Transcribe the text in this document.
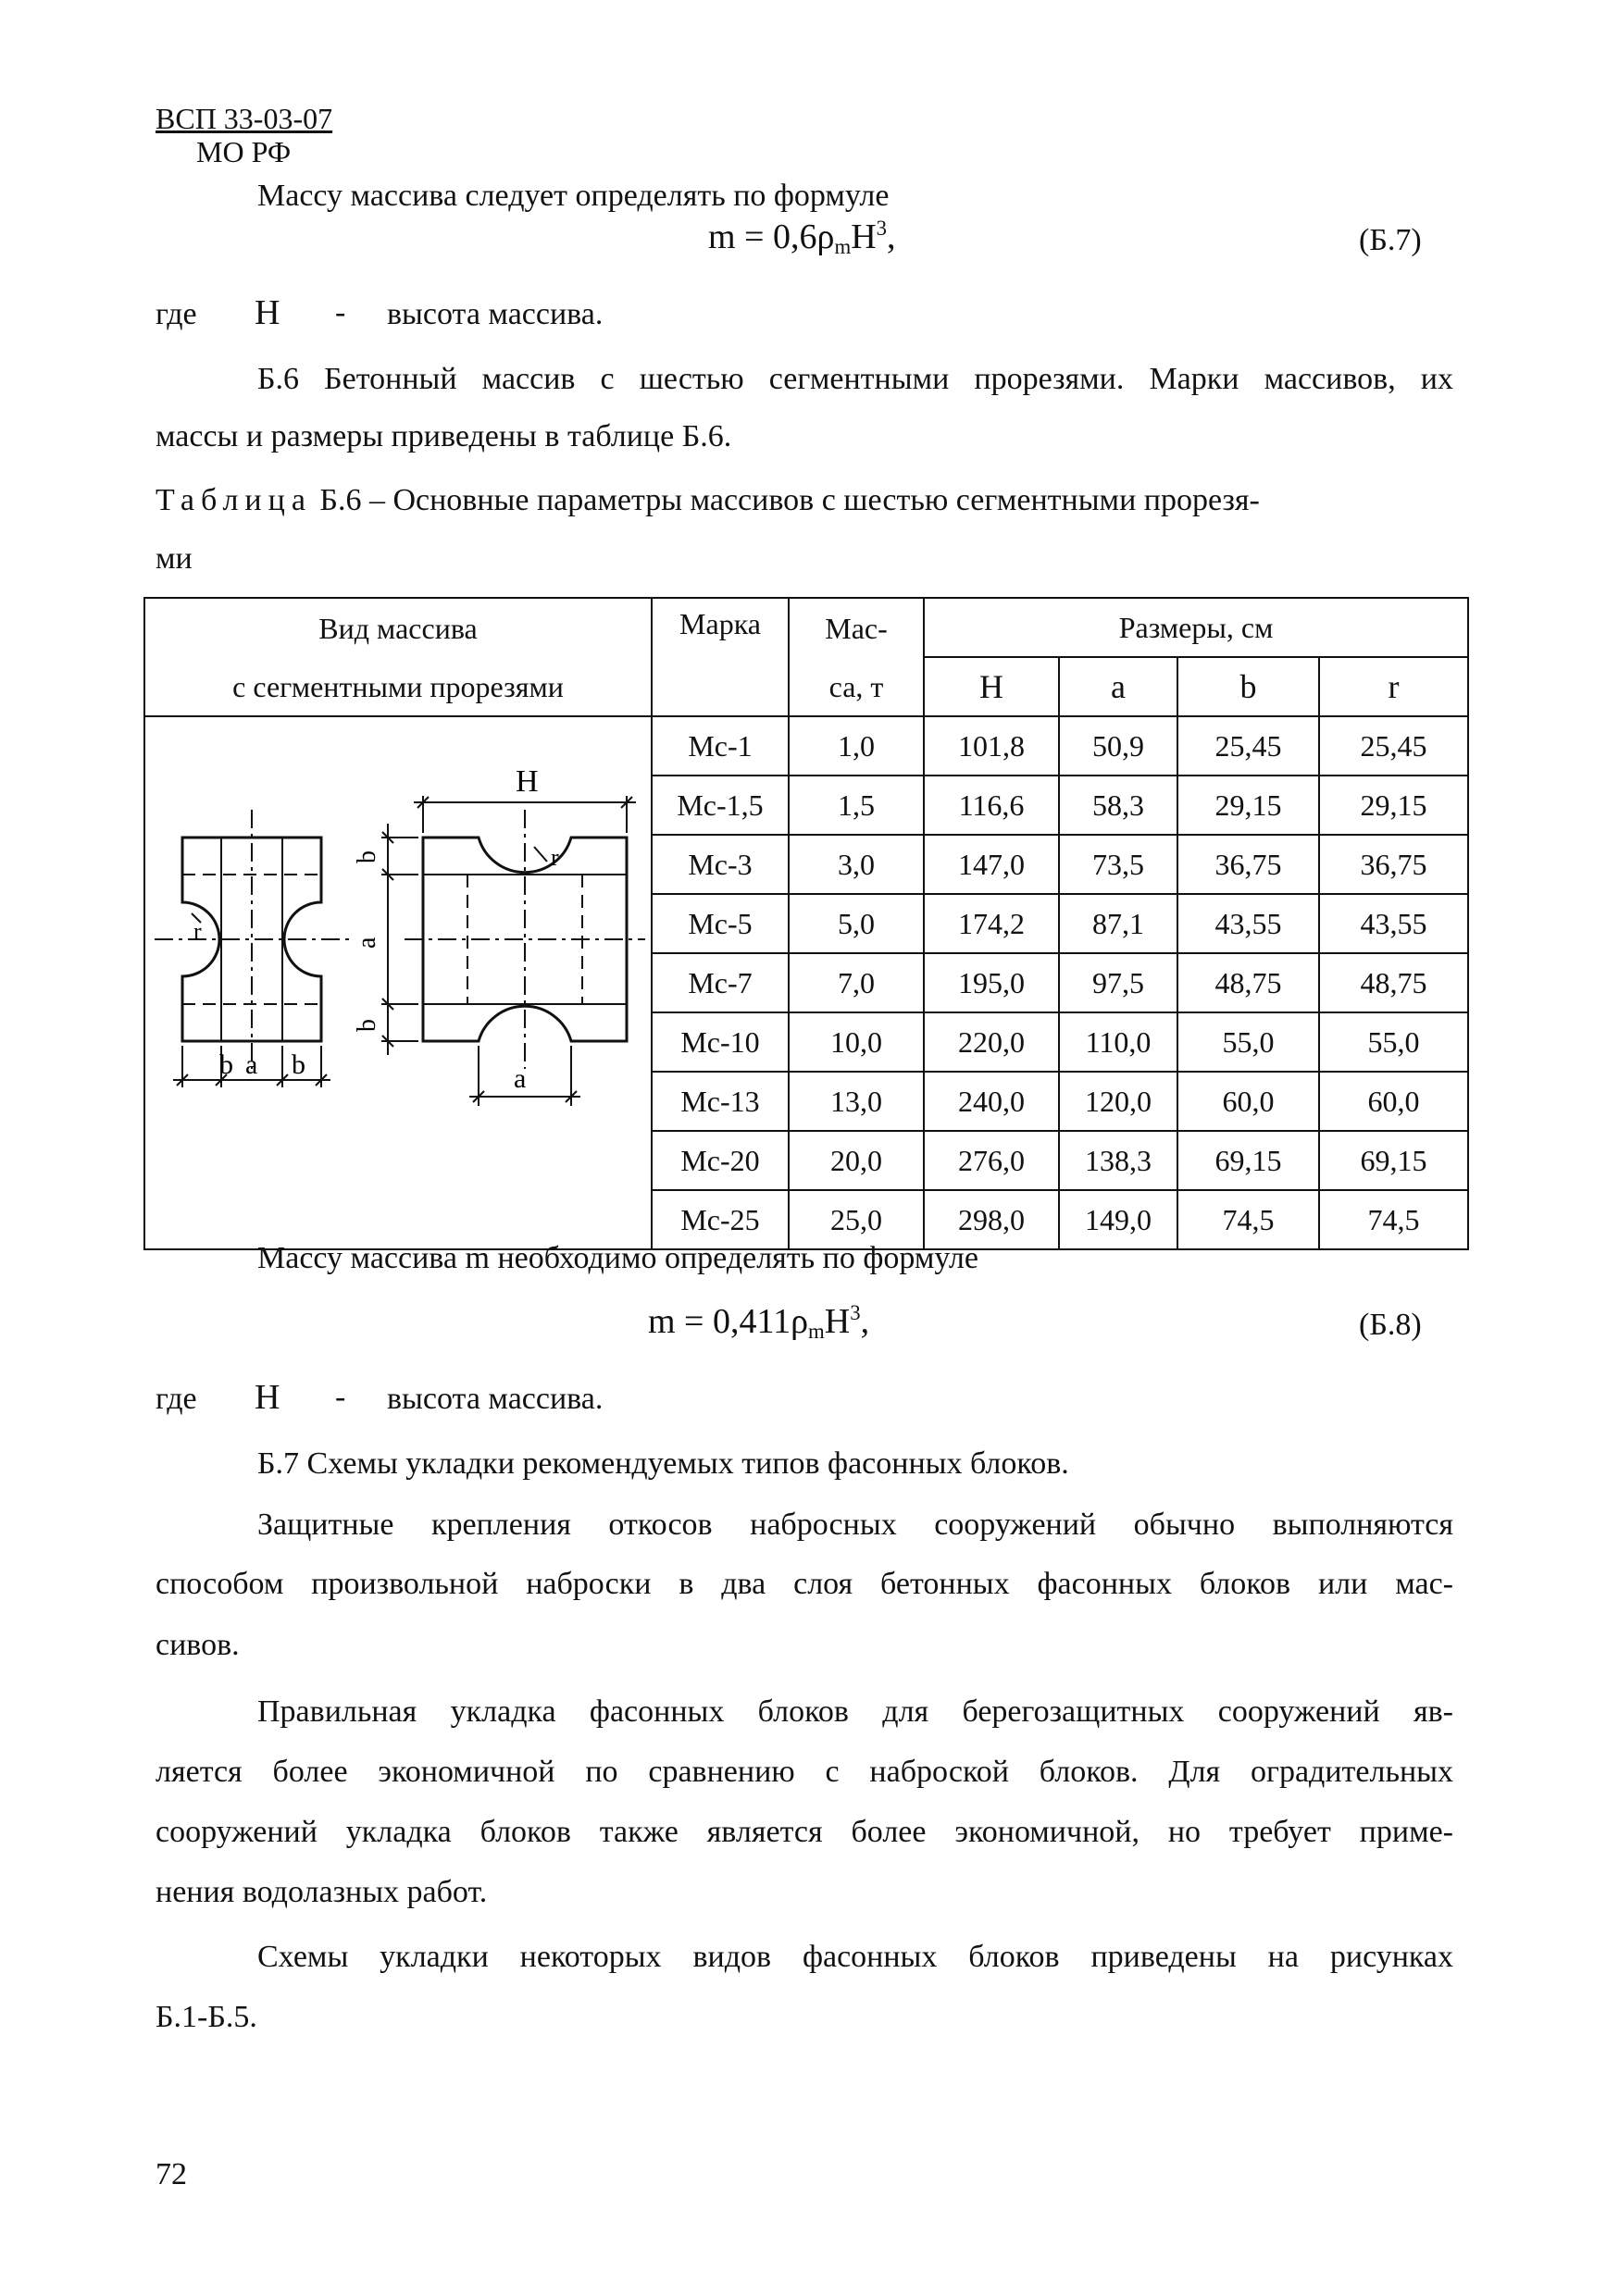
ВСП 33-03-07
МО РФ
Массу массива следует определять по формуле
$m = 0,6\rho_mH^3$,	(Б.7)
где H - высота массива.
Б.6 Бетонный массив с шестью сегментными прорезями. Марки массивов, их
массы и размеры приведены в таблице Б.6.
Таблица Б.6 – Основные параметры массивов с шестью сегментными прорезя-
ми
Вид массива	Марка	Мас-	Размеры, см			
с сегментными прорезями		са, т	H	a	b	r
	Мс-1	1,0	101,8	50,9	25,45	25,45
	Мс-1,5	1,5	116,6	58,3	29,15	29,15
	Мс-3	3,0	147,0	73,5	36,75	36,75
	Мс-5	5,0	174,2	87,1	43,55	43,55
	Мс-7	7,0	195,0	97,5	48,75	48,75
	Мс-10	10,0	220,0	110,0	55,0	55,0
	Мс-13	13,0	240,0	120,0	60,0	60,0
	Мс-20	20,0	276,0	138,3	69,15	69,15
	Мс-25	25,0	298,0	149,0	74,5	74,5
b a b
r
H
b
a
b
a
r
Массу массива m необходимо определять по формуле
$m = 0,411\rho_mH^3$,	(Б.8)
где H - высота массива.
Б.7 Схемы укладки рекомендуемых типов фасонных блоков.
Защитные крепления откосов набросных сооружений обычно выполняются
способом произвольной наброски в два слоя бетонных фасонных блоков или мас-
сивов.
Правильная укладка фасонных блоков для берегозащитных сооружений яв-
ляется более экономичной по сравнению с наброской блоков. Для оградительных
сооружений укладка блоков также является более экономичной, но требует приме-
нения водолазных работ.
Схемы укладки некоторых видов фасонных блоков приведены на рисунках
Б.1-Б.5.
72
